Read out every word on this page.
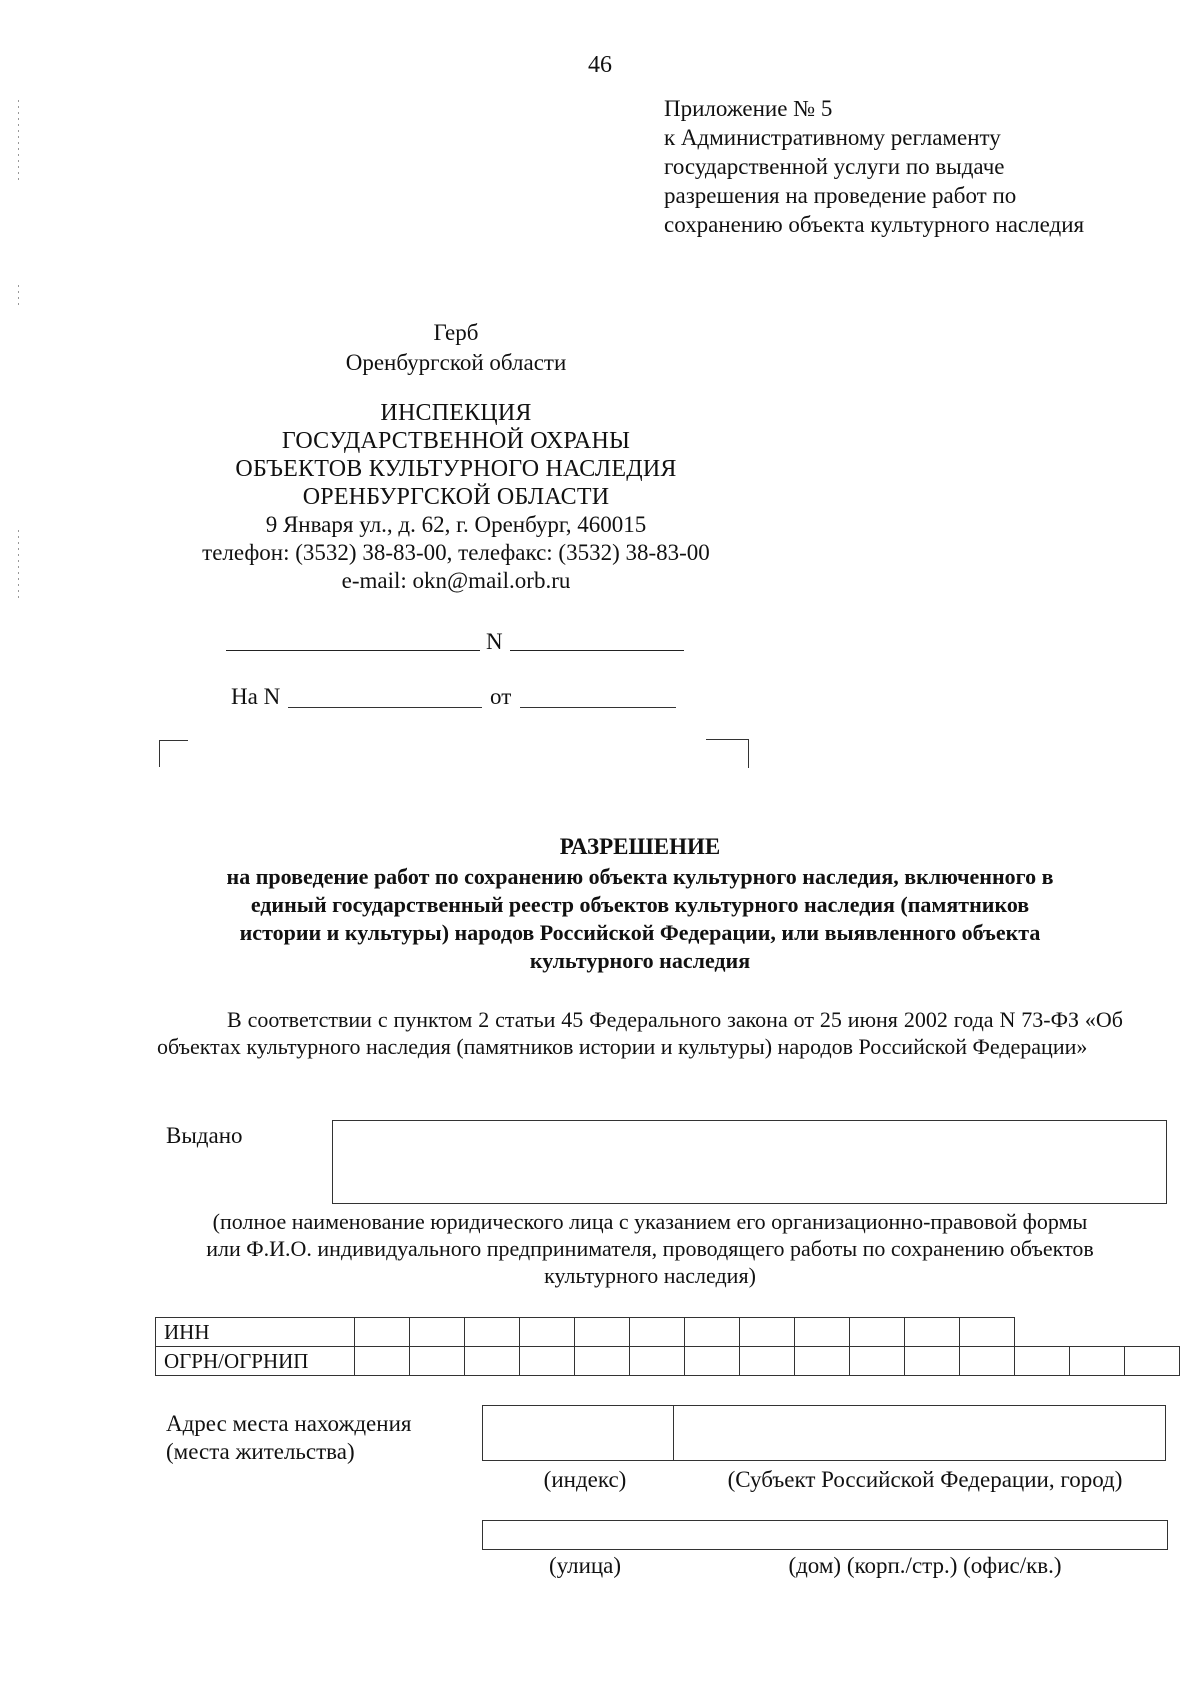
46
Приложение № 5
к Административному регламенту
государственной услуги по выдаче
разрешения на проведение работ по
сохранению объекта культурного наследия
Герб
Оренбургской области
ИНСПЕКЦИЯ
ГОСУДАРСТВЕННОЙ ОХРАНЫ
ОБЪЕКТОВ КУЛЬТУРНОГО НАСЛЕДИЯ
ОРЕНБУРГСКОЙ ОБЛАСТИ
9 Января ул., д. 62, г. Оренбург, 460015
телефон: (3532) 38-83-00, телефакс: (3532) 38-83-00
e-mail: okn@mail.orb.ru
N
На N	от
РАЗРЕШЕНИЕ
на проведение работ по сохранению объекта культурного наследия, включенного в
единый государственный реестр объектов культурного наследия (памятников
истории и культуры) народов Российской Федерации, или выявленного объекта
культурного наследия
В соответствии с пунктом 2 статьи 45 Федерального закона от 25 июня 2002 года N 73-ФЗ «Об объектах культурного наследия (памятников истории и культуры) народов Российской Федерации»
Выдано
(полное наименование юридического лица с указанием его организационно-правовой формы
или Ф.И.О. индивидуального предпринимателя, проводящего работы по сохранению объектов
культурного наследия)
ИНН															
ОГРН/ОГРНИП															
Адрес места нахождения
(места жительства)
(индекс)	(Субъект Российской Федерации, город)
(улица)	(дом) (корп./стр.) (офис/кв.)
